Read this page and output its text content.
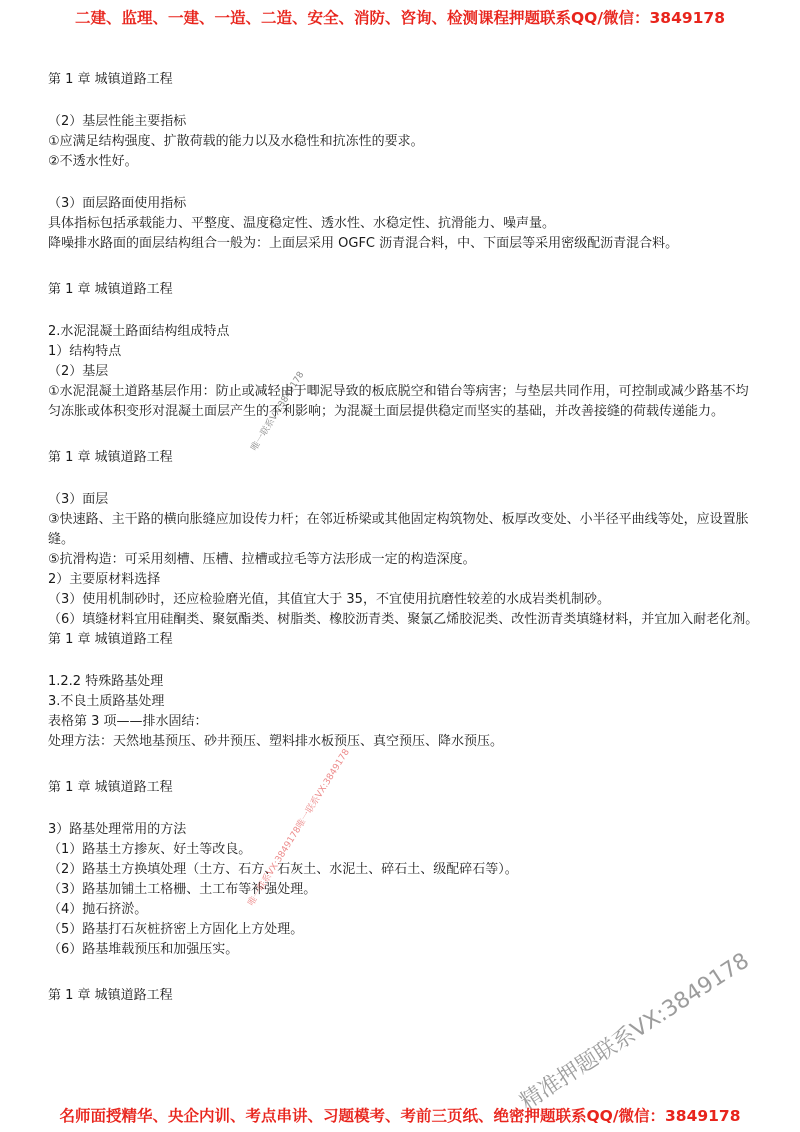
二建、监理、一建、一造、二造、安全、消防、咨询、检测课程押题联系QQ/微信：3849178

第 1 章 城镇道路工程

（2）基层性能主要指标

①应满足结构强度、扩散荷载的能力以及水稳性和抗冻性的要求。

②不透水性好。

（3）面层路面使用指标

具体指标包括承载能力、平整度、温度稳定性、透水性、水稳定性、抗滑能力、噪声量。

降噪排水路面的面层结构组合一般为：上面层采用 OGFC 沥青混合料，中、下面层等采用密级配沥青混合料。

第 1 章 城镇道路工程

2.水泥混凝土路面结构组成特点

1）结构特点

（2）基层

①水泥混凝土道路基层作用：防止或减轻由于唧泥导致的板底脱空和错台等病害；与垫层共同作用，可控制或减少路基不均匀冻胀或体积变形对混凝土面层产生的不利影响；为混凝土面层提供稳定而坚实的基础，并改善接缝的荷载传递能力。

第 1 章 城镇道路工程

（3）面层

③快速路、主干路的横向胀缝应加设传力杆；在邻近桥梁或其他固定构筑物处、板厚改变处、小半径平曲线等处，应设置胀缝。

⑤抗滑构造：可采用刻槽、压槽、拉槽或拉毛等方法形成一定的构造深度。

2）主要原材料选择

（3）使用机制砂时，还应检验磨光值，其值宜大于 35，不宜使用抗磨性较差的水成岩类机制砂。

（6）填缝材料宜用硅酮类、聚氨酯类、树脂类、橡胶沥青类、聚氯乙烯胶泥类、改性沥青类填缝材料，并宜加入耐老化剂。

第 1 章 城镇道路工程

1.2.2 特殊路基处理

3.不良土质路基处理

表格第 3 项——排水固结：

处理方法：天然地基预压、砂井预压、塑料排水板预压、真空预压、降水预压。

第 1 章 城镇道路工程

3）路基处理常用的方法

（1）路基土方掺灰、好土等改良。

（2）路基土方换填处理（土方、石方、石灰土、水泥土、碎石土、级配碎石等）。

（3）路基加铺土工格栅、土工布等补强处理。

（4）抛石挤淤。

（5）路基打石灰桩挤密上方固化上方处理。

（6）路基堆载预压和加强压实。

第 1 章 城镇道路工程

唯一联系VX:3849178
唯一联系VX:3849178唯一联系VX:3849178
精准押题联系VX:3849178
名师面授精华、央企内训、考点串讲、习题模考、考前三页纸、绝密押题联系QQ/微信：3849178
